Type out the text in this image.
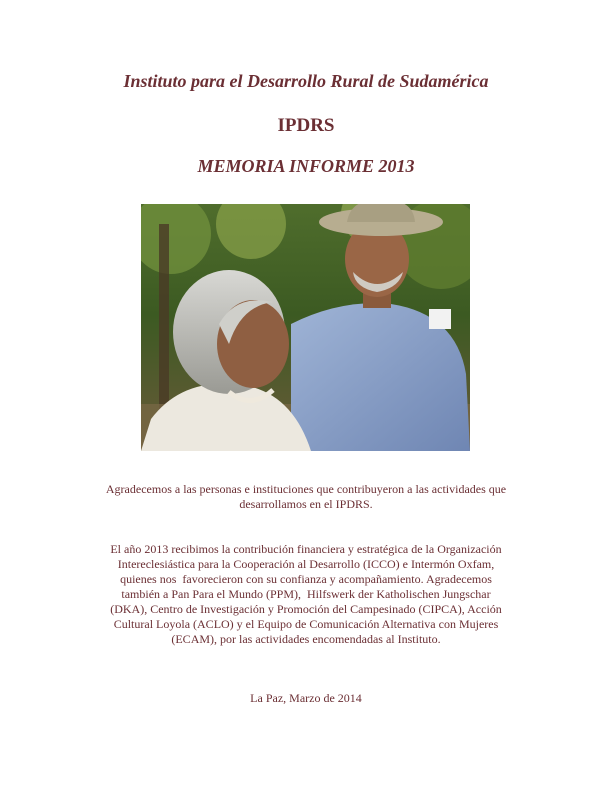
Instituto para el Desarrollo Rural de Sudamérica
IPDRS
MEMORIA INFORME 2013
Agradecemos a las personas e instituciones que contribuyeron a las actividades que
desarrollamos en el IPDRS.
El año 2013 recibimos la contribución financiera y estratégica de la Organización
Intereclesiástica para la Cooperación al Desarrollo (ICCO) e Intermón Oxfam,
quienes nos  favorecieron con su confianza y acompañamiento. Agradecemos
también a Pan Para el Mundo (PPM),  Hilfswerk der Katholischen Jungschar
(DKA), Centro de Investigación y Promoción del Campesinado (CIPCA), Acción
Cultural Loyola (ACLO) y el Equipo de Comunicación Alternativa con Mujeres
(ECAM), por las actividades encomendadas al Instituto.
La Paz, Marzo de 2014
